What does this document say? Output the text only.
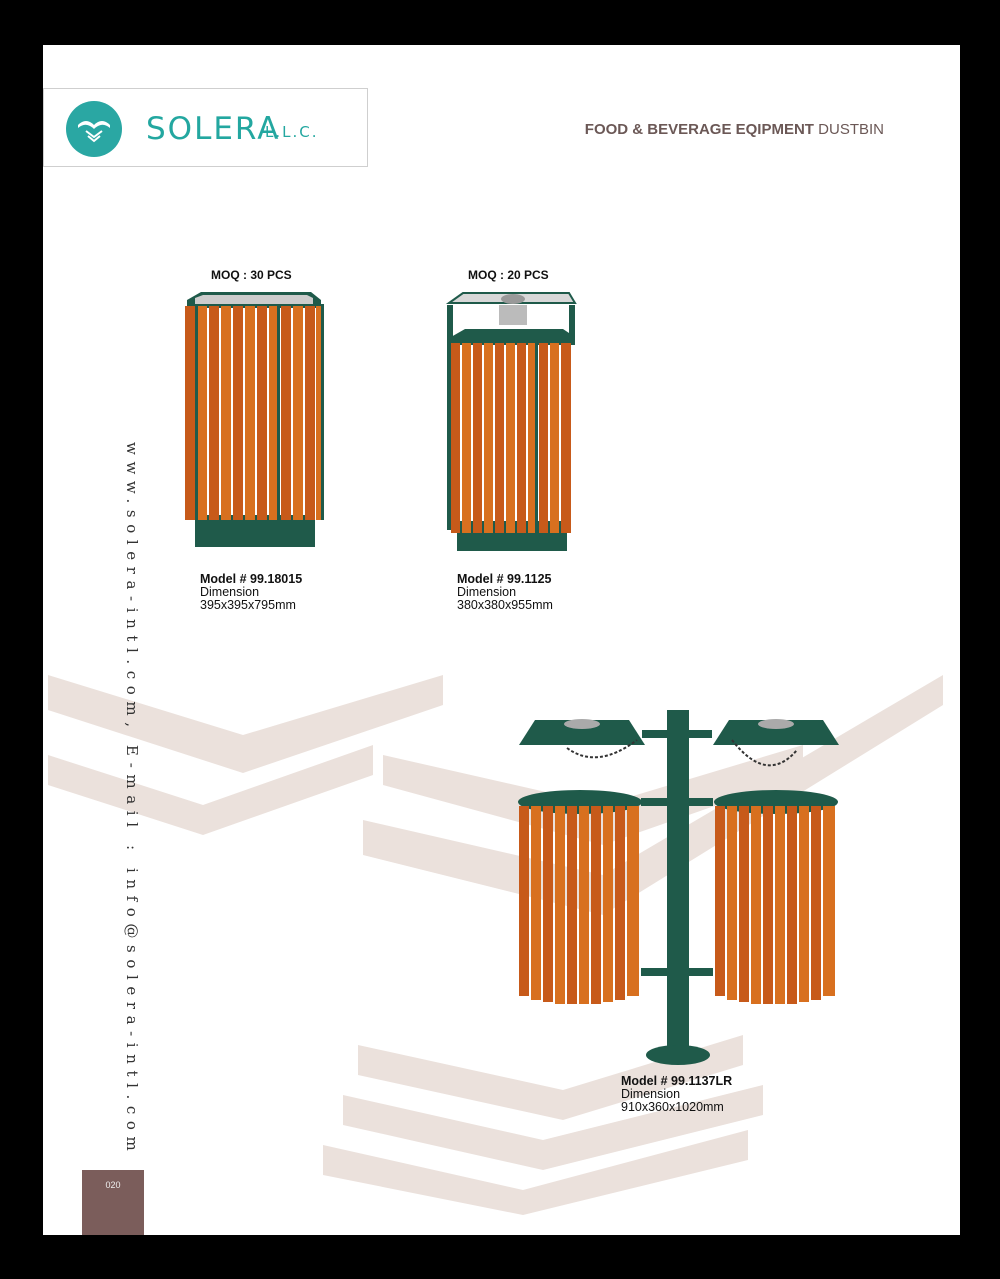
SOLERA
L.L.C.	FOOD & BEVERAGE EQIPMENT DUSTBIN
www.solera-intl.com, E-mail : info@solera-intl.com
MOQ : 30 PCS
Model # 99.18015
Dimension
395x395x795mm
MOQ : 20 PCS
Model # 99.1125
Dimension
380x380x955mm
Model # 99.1137LR
Dimension
910x360x1020mm
020
